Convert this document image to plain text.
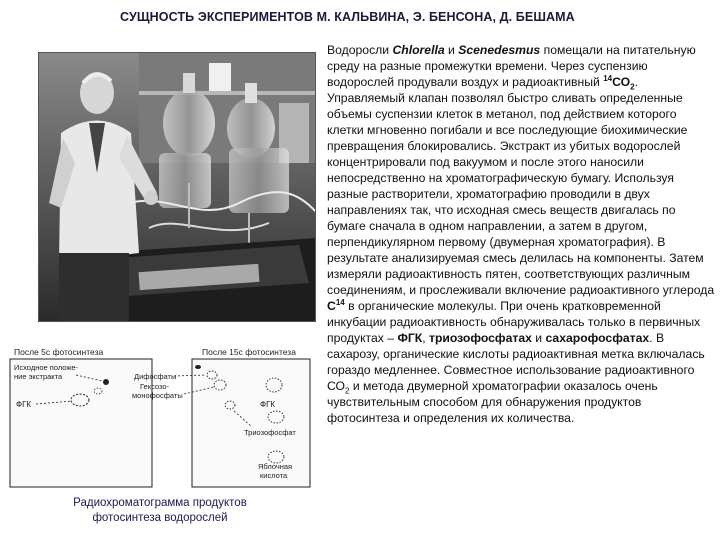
СУЩНОСТЬ ЭКСПЕРИМЕНТОВ М. КАЛЬВИНА, Э. БЕНСОНА, Д. БЕШАМА
После 5с фотосинтеза
Исходное положе-
ние экстракта
ФГК
После 15с фотосинтеза
Дифосфаты
Гексозо-
монофосфаты
ФГК
Триозофосфат
Яблочная
кислота
Радиохроматограмма продуктов
фотосинтеза водорослей

Водоросли Chlorella и Scenedesmus помещали на питательную среду на разные промежутки времени. Через суспензию водорослей продували воздух и радиоактивный $^{14}СО_2$.

Управляемый клапан позволял быстро сливать определенные объемы суспензии клеток в метанол, под действием которого клетки мгновенно погибали и все последующие биохимические превращения блокировались. Экстракт из убитых водорослей концентрировали под вакуумом и после этого наносили непосредственно на хроматографическую бумагу. Используя разные растворители, хроматографию проводили в двух направлениях так, что исходная смесь веществ двигалась по бумаге сначала в одном направлении, а затем в другом, перпендикулярном первому (двумерная хроматография). В результате анализируемая смесь делилась на компоненты. Затем измеряли радиоактивность пятен, соответствующих различным соединениям, и прослеживали включение радиоактивного углерода $С^{14}$ в органические молекулы. При очень кратковременной инкубации радиоактивность обнаруживалась только в первичных продуктах – ФГК, триозофосфатах и сахарофосфатах. В сахарозу, органические кислоты радиоактивная метка включалась гораздо медленнее. Совместное использование радиоактивного $СО_2$ и метода двумерной хроматографии оказалось очень чувствительным способом для обнаружения продуктов фотосинтеза и определения их количества.
